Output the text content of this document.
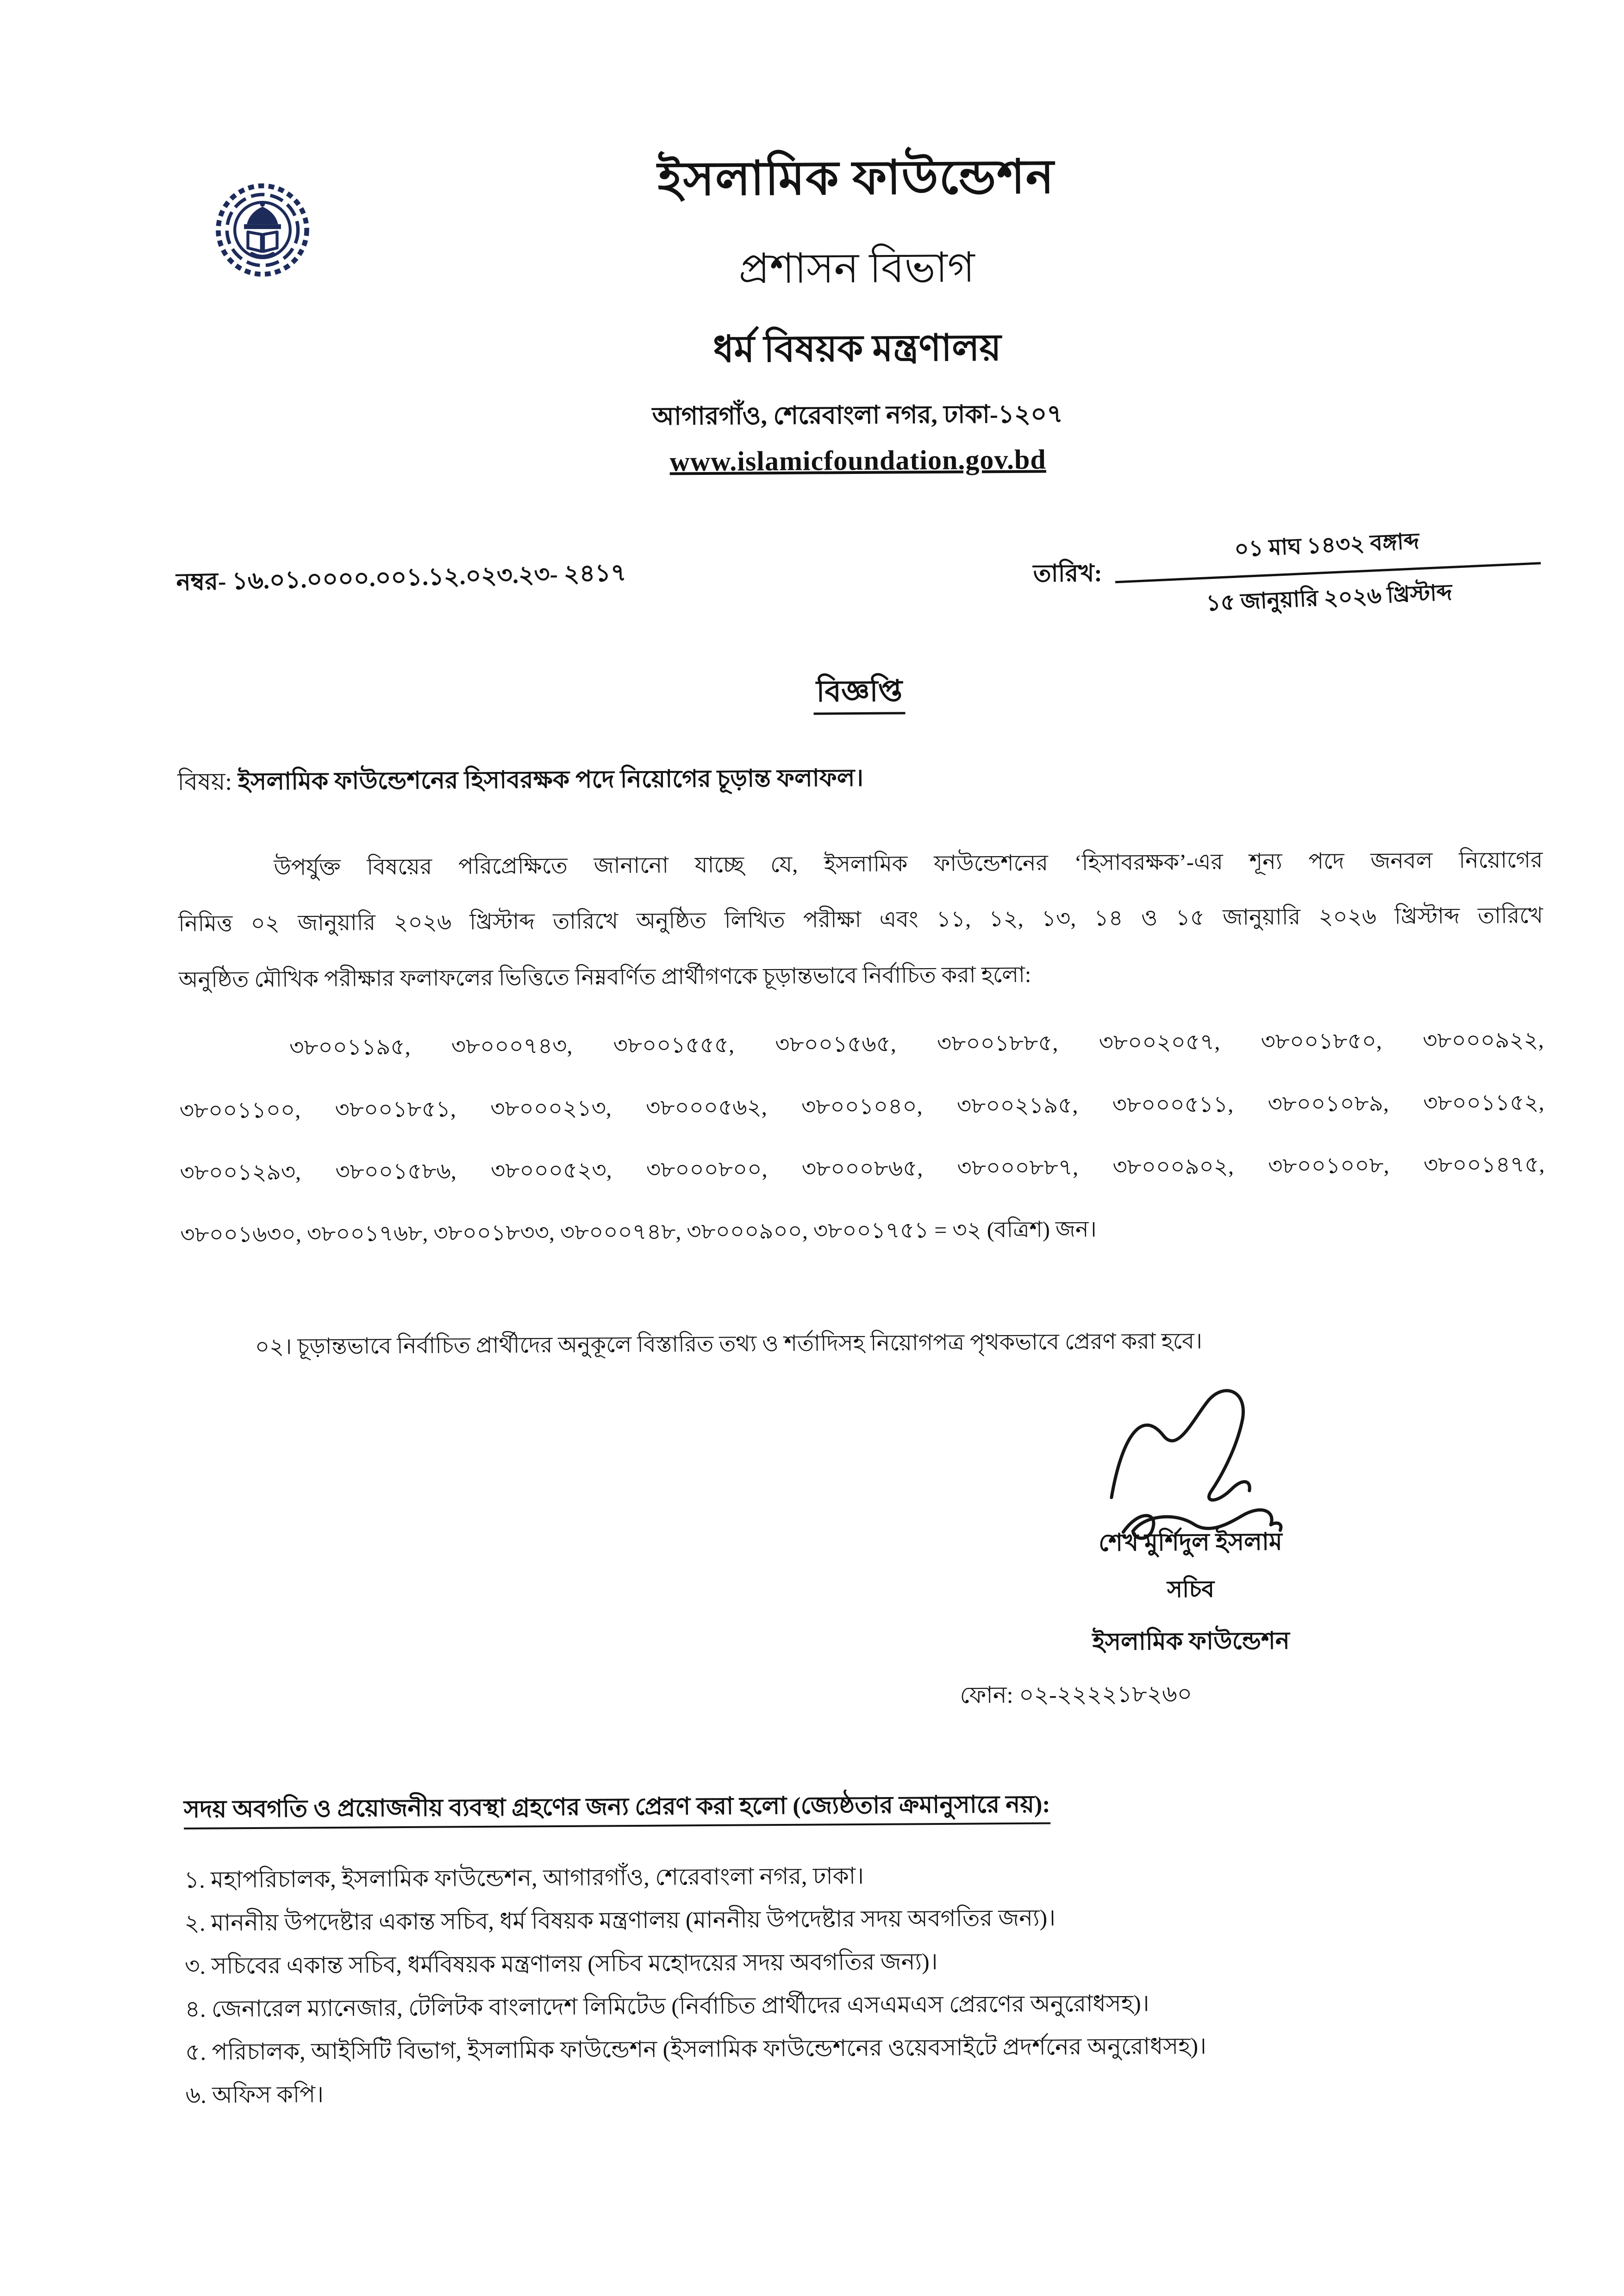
ইসলামিক ফাউন্ডেশন
প্রশাসন বিভাগ
ধর্ম বিষয়ক মন্ত্রণালয়
আগারগাঁও, শেরেবাংলা নগর, ঢাকা-১২০৭
www.islamicfoundation.gov.bd
নম্বর- ১৬.০১.০০০০.০০১.১২.০২৩.২৩- ২৪১৭	তারিখ:
০১ মাঘ ১৪৩২ বঙ্গাব্দ
১৫ জানুয়ারি ২০২৬ খ্রিস্টাব্দ
বিজ্ঞপ্তি
বিষয়: ইসলামিক ফাউন্ডেশনের হিসাবরক্ষক পদে নিয়োগের চূড়ান্ত ফলাফল।
উপর্যুক্ত বিষয়ের পরিপ্রেক্ষিতে জানানো যাচ্ছে যে, ইসলামিক ফাউন্ডেশনের ‘হিসাবরক্ষক’-এর শূন্য পদে জনবল নিয়োগের
নিমিত্ত ০২ জানুয়ারি ২০২৬ খ্রিস্টাব্দ তারিখে অনুষ্ঠিত লিখিত পরীক্ষা এবং ১১, ১২, ১৩, ১৪ ও ১৫ জানুয়ারি ২০২৬ খ্রিস্টাব্দ তারিখে
অনুষ্ঠিত মৌখিক পরীক্ষার ফলাফলের ভিত্তিতে নিম্নবর্ণিত প্রার্থীগণকে চূড়ান্তভাবে নির্বাচিত করা হলো:
৩৮০০১১৯৫, ৩৮০০০৭৪৩, ৩৮০০১৫৫৫, ৩৮০০১৫৬৫, ৩৮০০১৮৮৫, ৩৮০০২০৫৭, ৩৮০০১৮৫০, ৩৮০০০৯২২,
৩৮০০১১০০, ৩৮০০১৮৫১, ৩৮০০০২১৩, ৩৮০০০৫৬২, ৩৮০০১০৪০, ৩৮০০২১৯৫, ৩৮০০০৫১১, ৩৮০০১০৮৯, ৩৮০০১১৫২,
৩৮০০১২৯৩, ৩৮০০১৫৮৬, ৩৮০০০৫২৩, ৩৮০০০৮০০, ৩৮০০০৮৬৫, ৩৮০০০৮৮৭, ৩৮০০০৯০২, ৩৮০০১০০৮, ৩৮০০১৪৭৫,
৩৮০০১৬৩০, ৩৮০০১৭৬৮, ৩৮০০১৮৩৩, ৩৮০০০৭৪৮, ৩৮০০০৯০০, ৩৮০০১৭৫১ = ৩২ (বত্রিশ) জন।
০২। চূড়ান্তভাবে নির্বাচিত প্রার্থীদের অনুকূলে বিস্তারিত তথ্য ও শর্তাদিসহ নিয়োগপত্র পৃথকভাবে প্রেরণ করা হবে।
শেখ মুর্শিদুল ইসলাম
সচিব
ইসলামিক ফাউন্ডেশন
ফোন: ০২-২২২২১৮২৬০
সদয় অবগতি ও প্রয়োজনীয় ব্যবস্থা গ্রহণের জন্য প্রেরণ করা হলো (জ্যেষ্ঠতার ক্রমানুসারে নয়):
১. মহাপরিচালক, ইসলামিক ফাউন্ডেশন, আগারগাঁও, শেরেবাংলা নগর, ঢাকা।
২. মাননীয় উপদেষ্টার একান্ত সচিব, ধর্ম বিষয়ক মন্ত্রণালয় (মাননীয় উপদেষ্টার সদয় অবগতির জন্য)।
৩. সচিবের একান্ত সচিব, ধর্মবিষয়ক মন্ত্রণালয় (সচিব মহোদয়ের সদয় অবগতির জন্য)।
৪. জেনারেল ম্যানেজার, টেলিটক বাংলাদেশ লিমিটেড (নির্বাচিত প্রার্থীদের এসএমএস প্রেরণের অনুরোধসহ)।
৫. পরিচালক, আইসিটি বিভাগ, ইসলামিক ফাউন্ডেশন (ইসলামিক ফাউন্ডেশনের ওয়েবসাইটে প্রদর্শনের অনুরোধসহ)।
৬. অফিস কপি।
